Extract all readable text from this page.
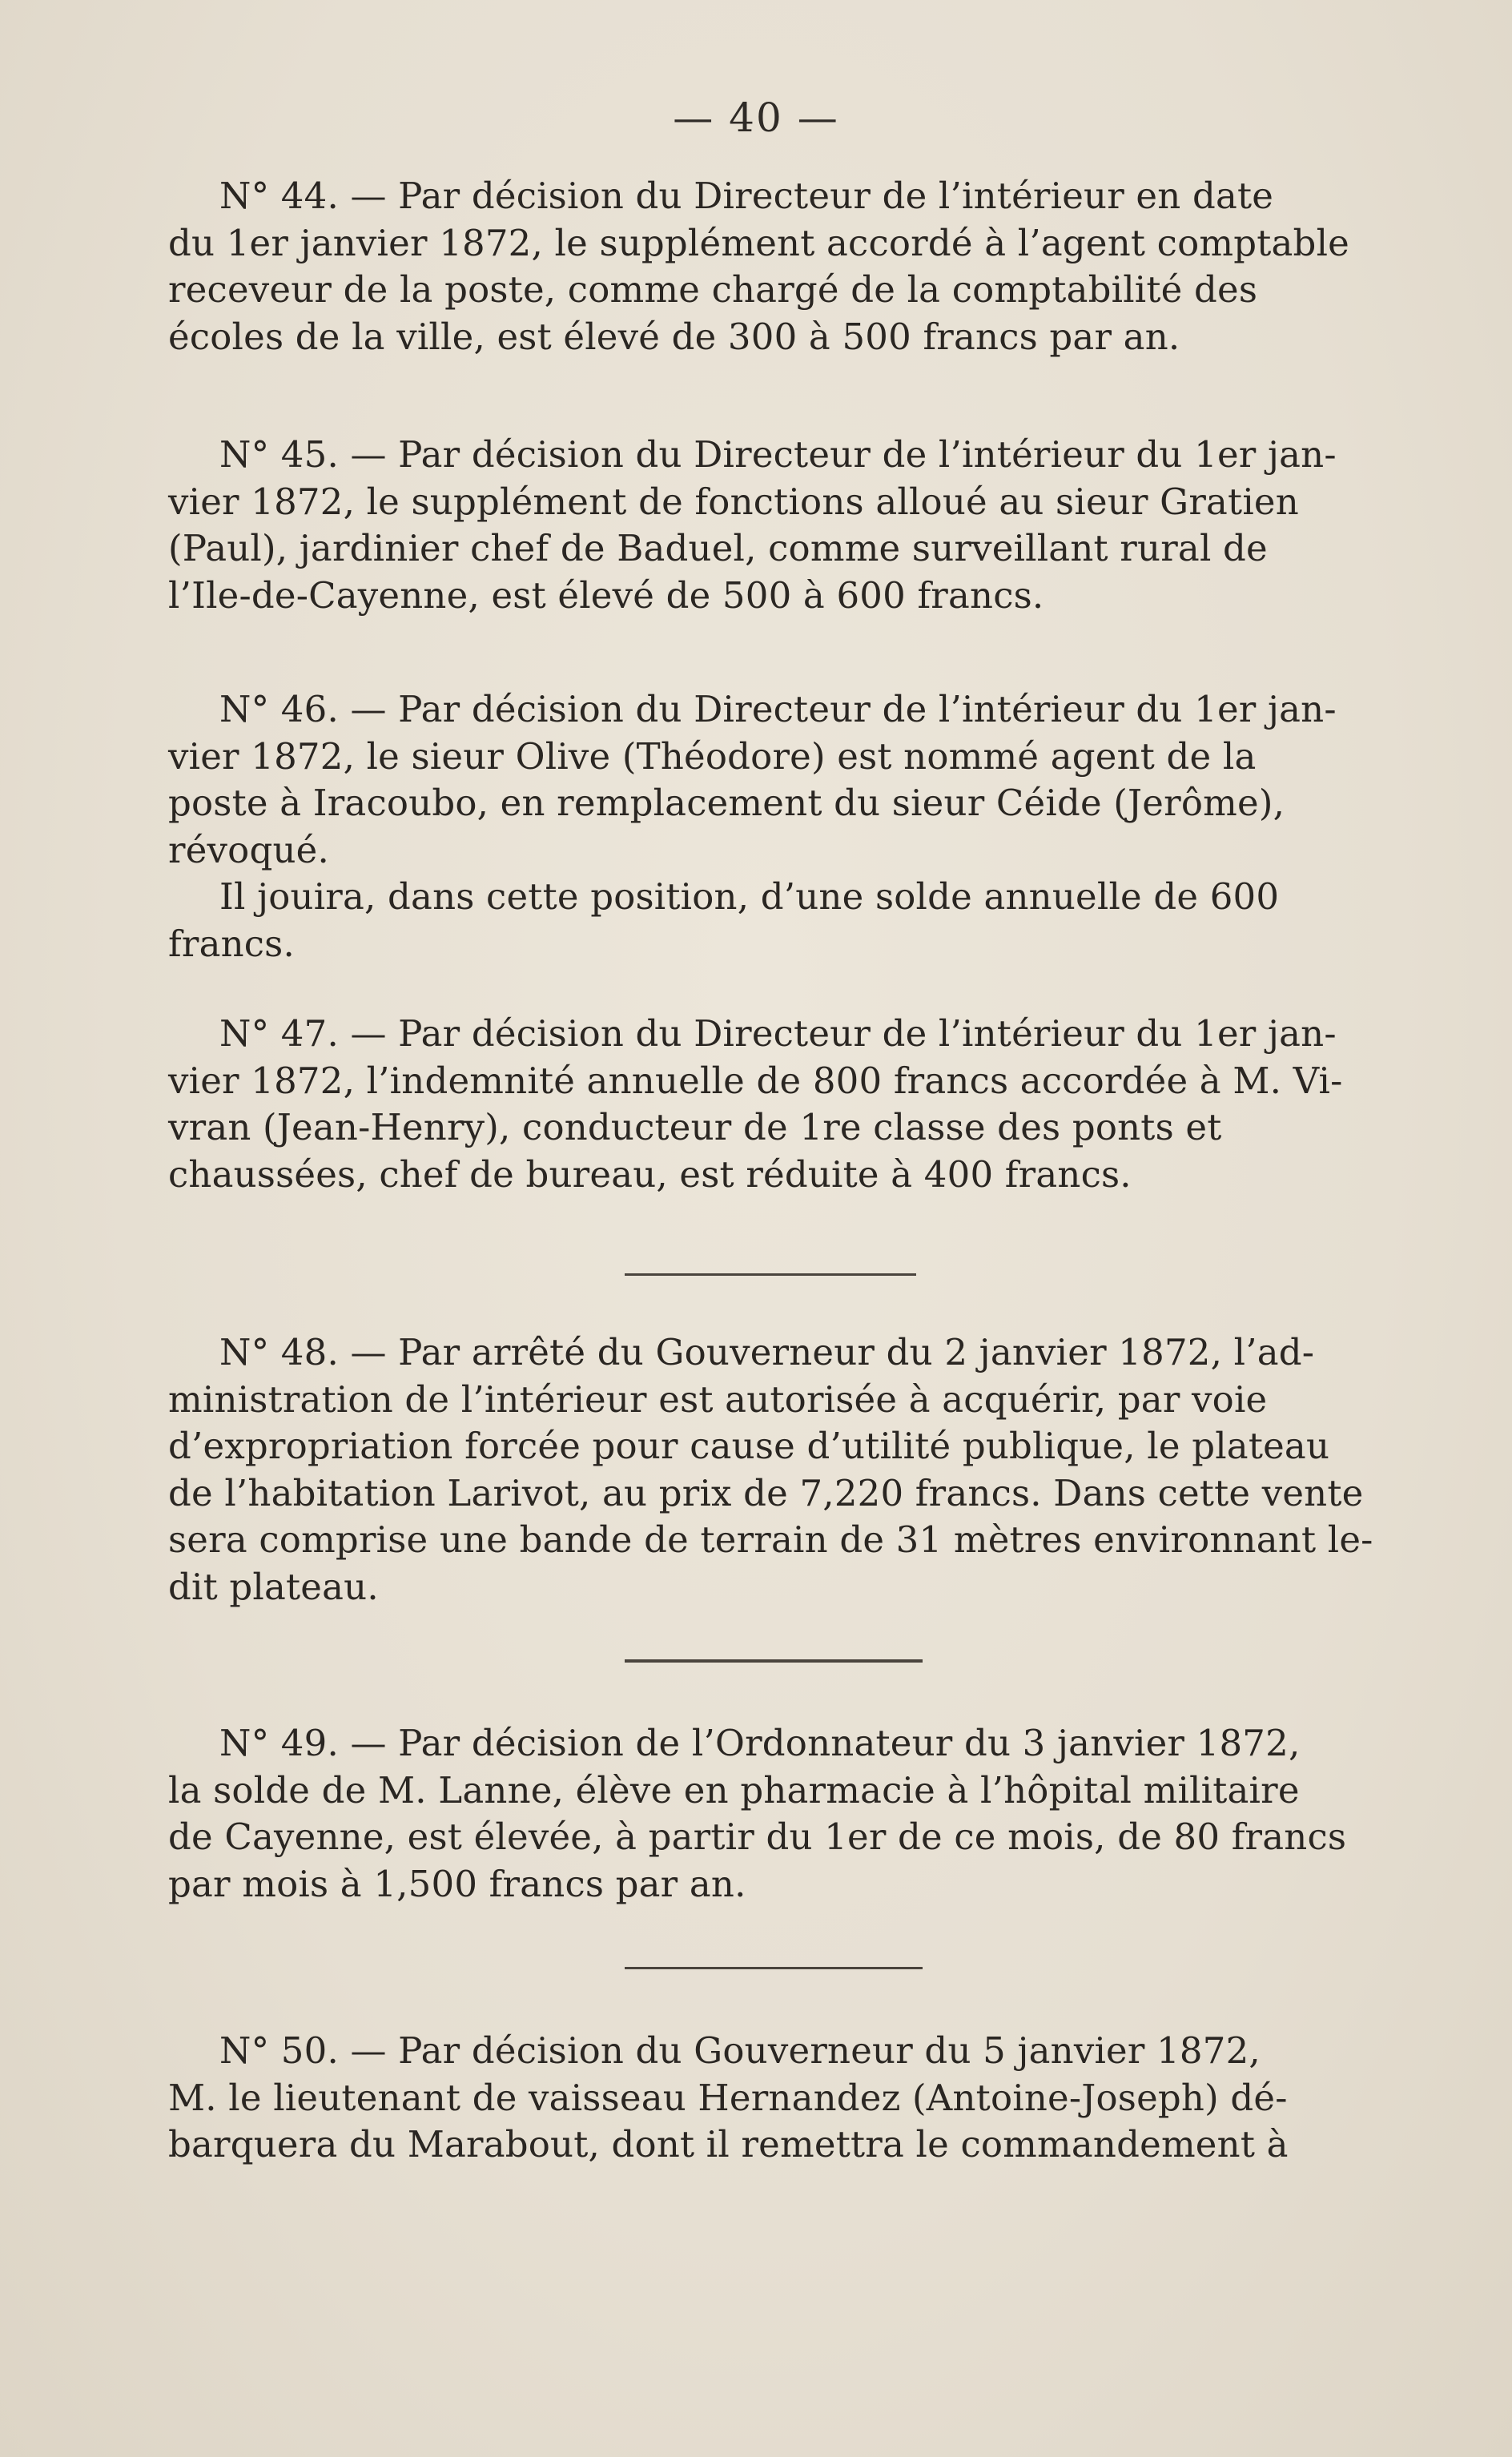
— 40 —
N° 44. — Par décision du Directeur de l’intérieur en date
du 1er janvier 1872, le supplément accordé à l’agent comptable
receveur de la poste, comme chargé de la comptabilité des
écoles de la ville, est élevé de 300 à 500 francs par an.
N° 45. — Par décision du Directeur de l’intérieur du 1er jan-
vier 1872, le supplément de fonctions alloué au sieur Gratien
(Paul), jardinier chef de Baduel, comme surveillant rural de
l’Ile-de-Cayenne, est élevé de 500 à 600 francs.
N° 46. — Par décision du Directeur de l’intérieur du 1er jan-
vier 1872, le sieur Olive (Théodore) est nommé agent de la
poste à Iracoubo, en remplacement du sieur Céide (Jerôme),
révoqué.
Il jouira, dans cette position, d’une solde annuelle de 600
francs.
N° 47. — Par décision du Directeur de l’intérieur du 1er jan-
vier 1872, l’indemnité annuelle de 800 francs accordée à M. Vi-
vran (Jean-Henry), conducteur de 1re classe des ponts et
chaussées, chef de bureau, est réduite à 400 francs.
N° 48. — Par arrêté du Gouverneur du 2 janvier 1872, l’ad-
ministration de l’intérieur est autorisée à acquérir, par voie
d’expropriation forcée pour cause d’utilité publique, le plateau
de l’habitation Larivot, au prix de 7,220 francs. Dans cette vente
sera comprise une bande de terrain de 31 mètres environnant le-
dit plateau.
N° 49. — Par décision de l’Ordonnateur du 3 janvier 1872,
la solde de M. Lanne, élève en pharmacie à l’hôpital militaire
de Cayenne, est élevée, à partir du 1er de ce mois, de 80 francs
par mois à 1,500 francs par an.
N° 50. — Par décision du Gouverneur du 5 janvier 1872,
M. le lieutenant de vaisseau Hernandez (Antoine-Joseph) dé-
barquera du Marabout, dont il remettra le commandement à
